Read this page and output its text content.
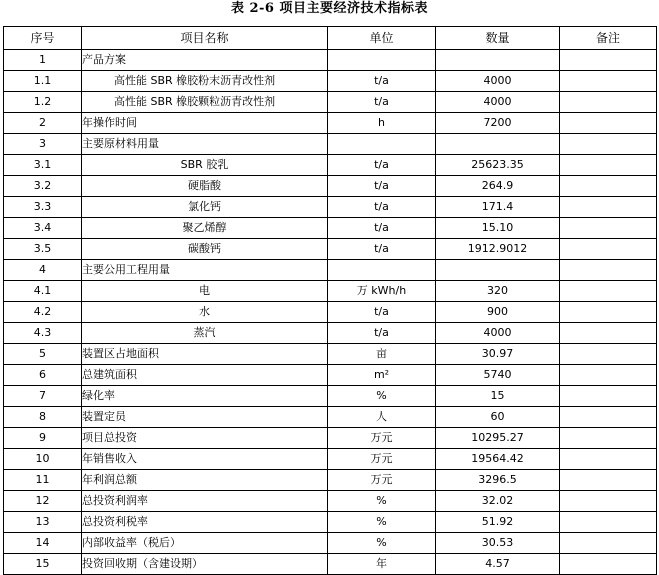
表 2-6 项目主要经济技术指标表
序号	项目名称	单位	数量	备注
1	产品方案			
1.1	高性能 SBR 橡胶粉末沥青改性剂	t/a	4000	
1.2	高性能 SBR 橡胶颗粒沥青改性剂	t/a	4000	
2	年操作时间	h	7200	
3	主要原材料用量			
3.1	SBR 胶乳	t/a	25623.35	
3.2	硬脂酸	t/a	264.9	
3.3	氯化钙	t/a	171.4	
3.4	聚乙烯醇	t/a	15.10	
3.5	碳酸钙	t/a	1912.9012	
4	主要公用工程用量			
4.1	电	万 kWh/h	320	
4.2	水	t/a	900	
4.3	蒸汽	t/a	4000	
5	装置区占地面积	亩	30.97	
6	总建筑面积	m²	5740	
7	绿化率	%	15	
8	装置定员	人	60	
9	项目总投资	万元	10295.27	
10	年销售收入	万元	19564.42	
11	年利润总额	万元	3296.5	
12	总投资利润率	%	32.02	
13	总投资利税率	%	51.92	
14	内部收益率（税后）	%	30.53	
15	投资回收期（含建设期）	年	4.57	
